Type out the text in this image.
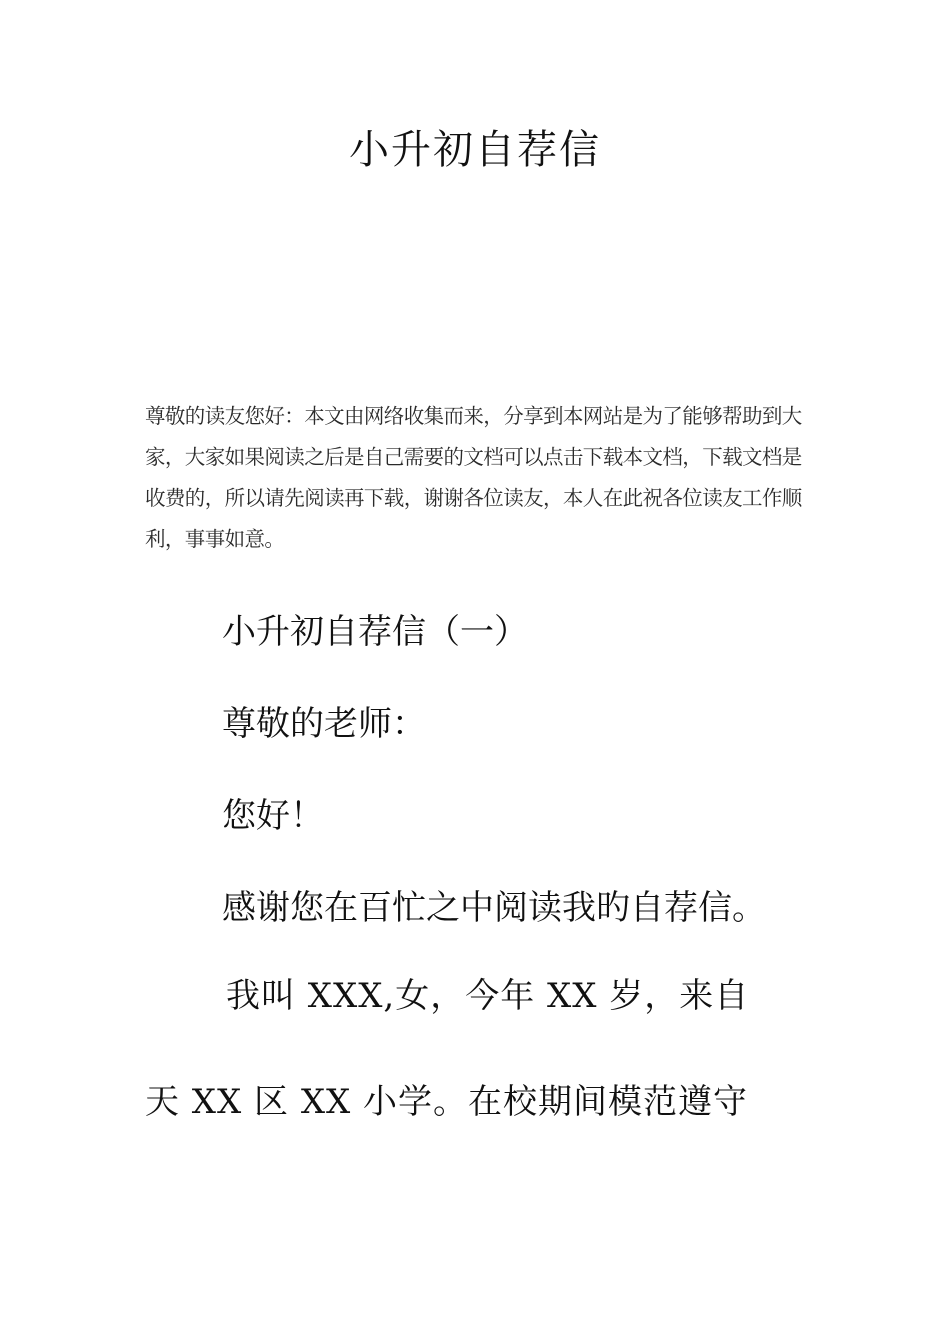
小升初自荐信
尊敬的读友您好：本文由网络收集而来，分享到本网站是为了能够帮助到大家，大家如果阅读之后是自己需要的文档可以点击下载本文档，下载文档是收费的，所以请先阅读再下载，谢谢各位读友，本人在此祝各位读友工作顺利，事事如意。
小升初自荐信（一）
尊敬的老师：
您好！
感谢您在百忙之中阅读我旳自荐信。
我叫 XXX,女，今年 XX 岁，来自
天 XX 区 XX 小学。在校期间模范遵守
